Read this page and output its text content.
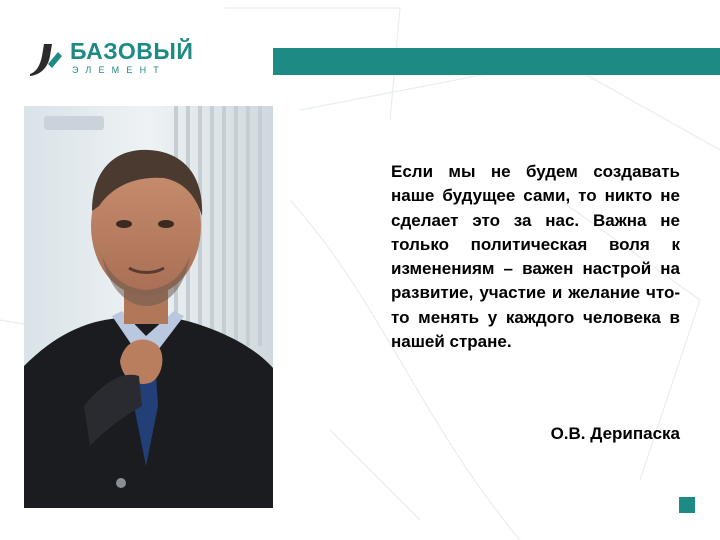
БАЗОВЫЙ
ЭЛЕМЕНТ
Если мы не будем создавать наше будущее сами, то никто не сделает это за нас. Важна не только политическая воля к изменениям – важен настрой на развитие, участие и желание что-то менять у каждого человека в нашей стране.
О.В. Дерипаска
